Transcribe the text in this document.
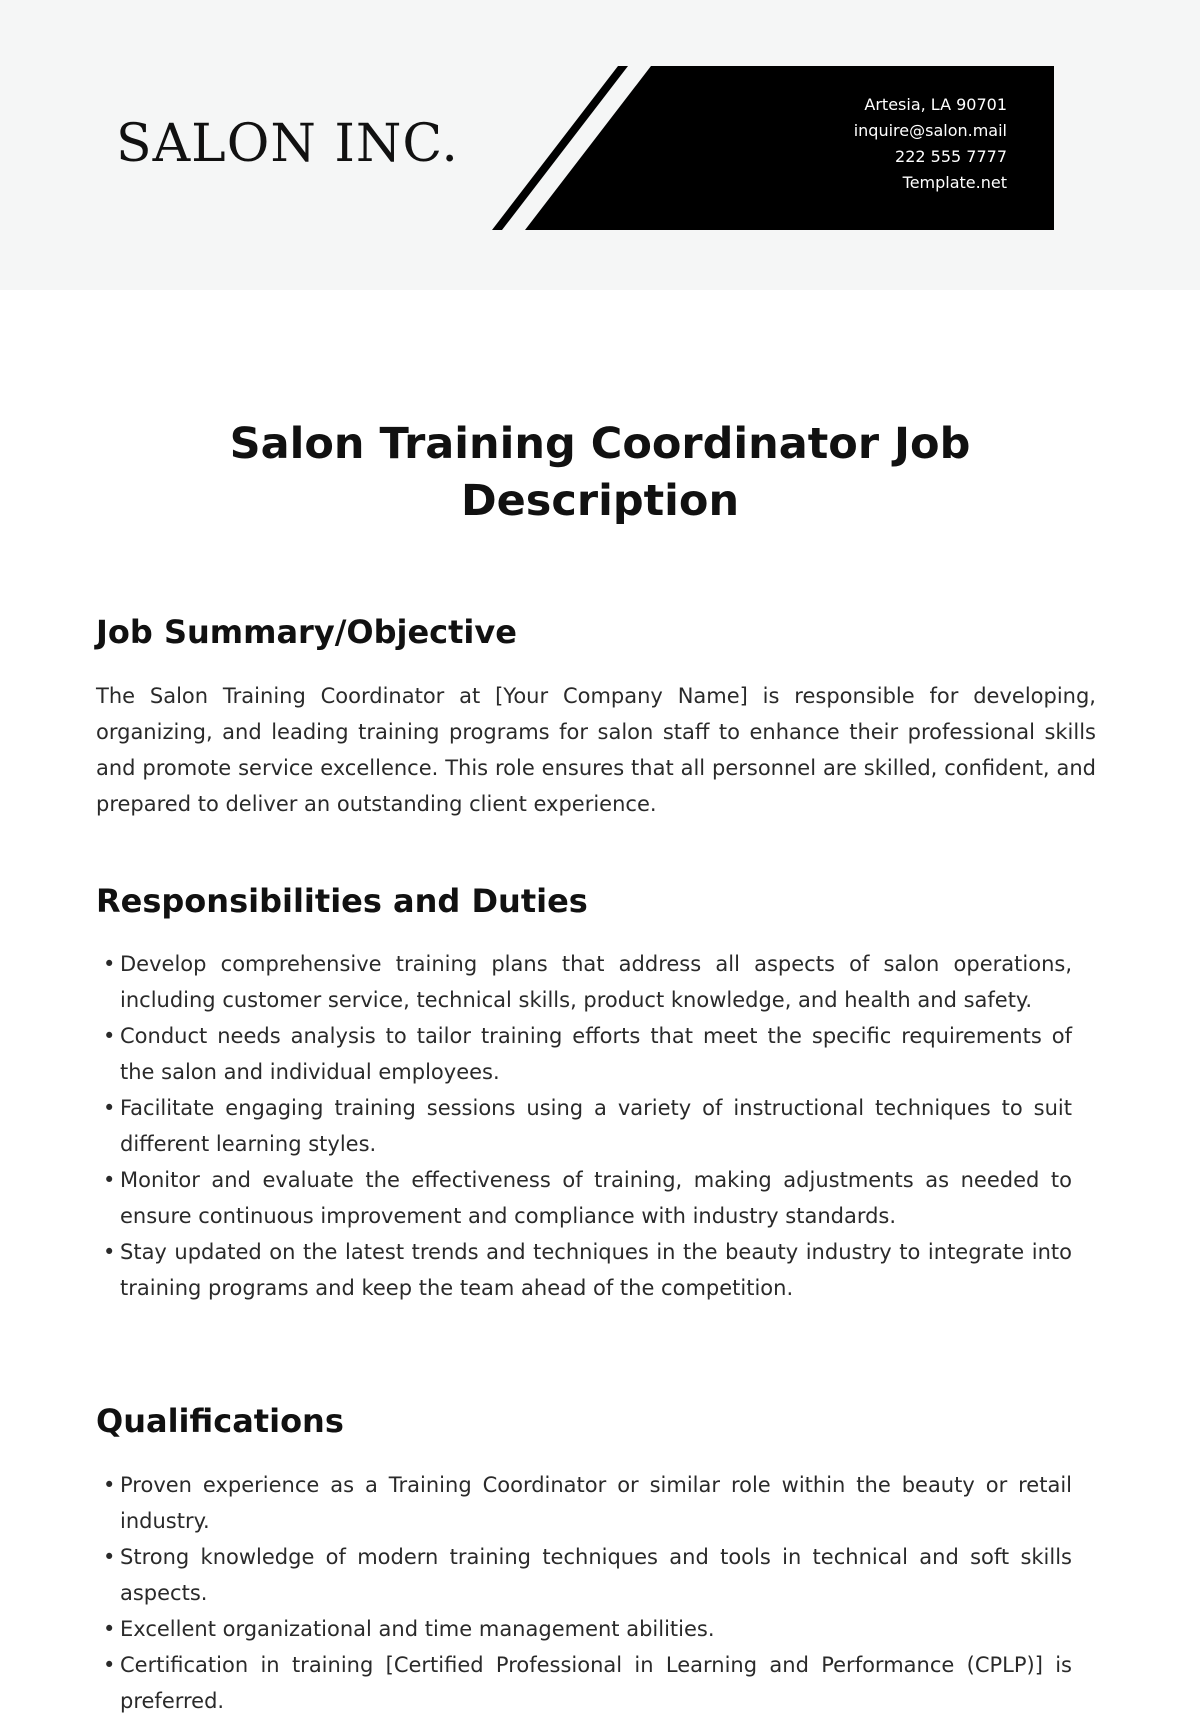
SALON INC.
Artesia, LA 90701
inquire@salon.mail
222 555 7777
Template.net
Salon Training Coordinator Job
Description
Job Summary/Objective

The Salon Training Coordinator at [Your Company Name] is responsible for developing, organizing, and leading training programs for salon staff to enhance their professional skills and promote service excellence. This role ensures that all personnel are skilled, confident, and prepared to deliver an outstanding client experience.

Responsibilities and Duties
• Develop comprehensive training plans that address all aspects of salon operations, including customer service, technical skills, product knowledge, and health and safety.
• Conduct needs analysis to tailor training efforts that meet the specific requirements of the salon and individual employees.
• Facilitate engaging training sessions using a variety of instructional techniques to suit different learning styles.
• Monitor and evaluate the effectiveness of training, making adjustments as needed to ensure continuous improvement and compliance with industry standards.
• Stay updated on the latest trends and techniques in the beauty industry to integrate into training programs and keep the team ahead of the competition.
Qualifications
• Proven experience as a Training Coordinator or similar role within the beauty or retail industry.
• Strong knowledge of modern training techniques and tools in technical and soft skills aspects.
• Excellent organizational and time management abilities.
• Certification in training [Certified Professional in Learning and Performance (CPLP)] is preferred.
